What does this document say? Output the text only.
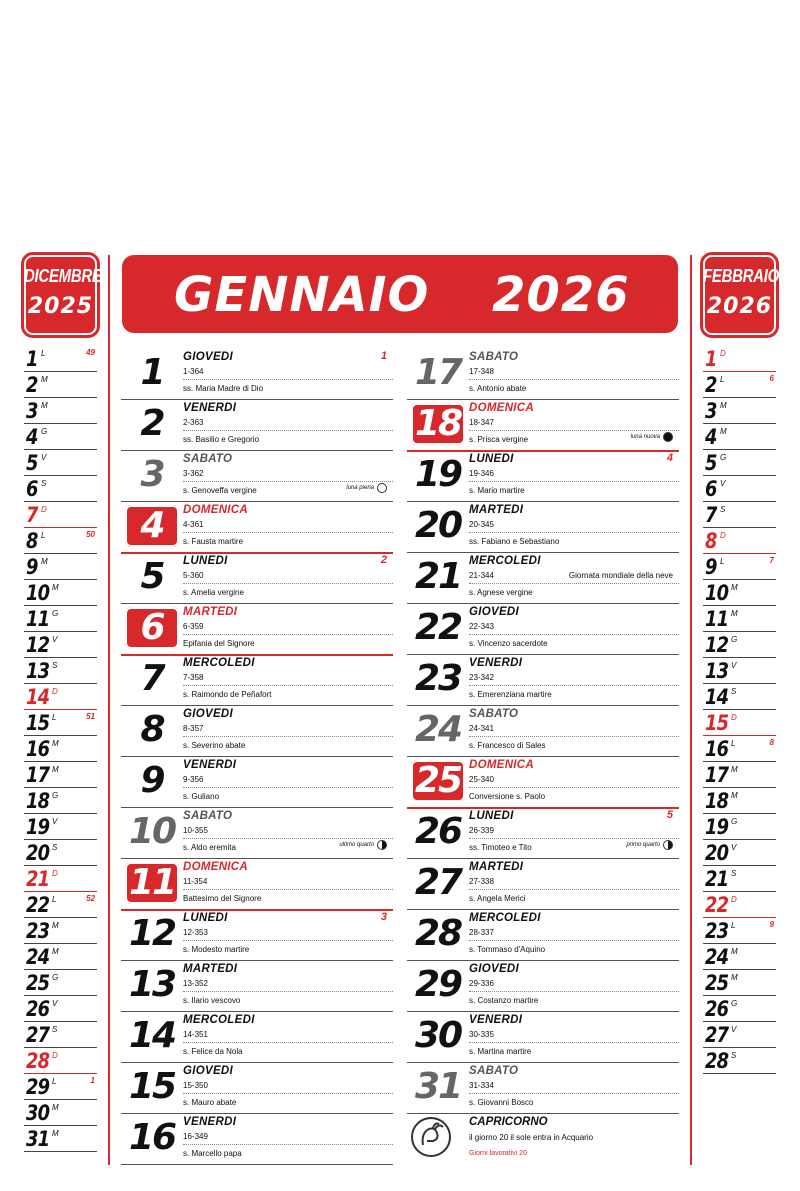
DICEMBRE
2025
FEBBRAIO
2026
GENNAIO 2026
1 L	49
2 M
3 M
4 G
5 V
6 S
7 D
8 L	50
9 M
10 M
11 G
12 V
13 S
14 D
15 L	51
16 M
17 M
18 G
19 V
20 S
21 D
22 L	52
23 M
24 M
25 G
26 V
27 S
28 D
29 L	1
30 M
31 M
1 D
2 L	6
3 M
4 M
5 G
6 V
7 S
8 D
9 L	7
10 M
11 M
12 G
13 V
14 S
15 D
16 L	8
17 M
18 M
19 G
20 V
21 S
22 D
23 L	9
24 M
25 M
26 G
27 V
28 S
1	GIOVEDI	1
1-364
ss. Maria Madre di Dio
2	VENERDI
2-363
ss. Basilio e Gregorio
3	SABATO
3-362
s. Genoveffa vergine	luna piena
4	DOMENICA
4-361
s. Fausta martire
5	LUNEDI	2
5-360
s. Amelia vergine
6	MARTEDI
6-359
Epifania del Signore
7	MERCOLEDI
7-358
s. Raimondo de Peñafort
8	GIOVEDI
8-357
s. Severino abate
9	VENERDI
9-356
s. Guliano
10 SABATO
10-355
s. Aldo eremita	ultimo quarto
11 DOMENICA
11-354
Battesimo del Signore
12 LUNEDI	3
12-353
s. Modesto martire
13 MARTEDI
13-352
s. Ilario vescovo
14 MERCOLEDI
14-351
s. Felice da Nola
15 GIOVEDI
15-350
s. Mauro abate
16 VENERDI
16-349
s. Marcello papa
17 SABATO
17-348
s. Antonio abate
18 DOMENICA
18-347
s. Prisca vergine	luna nuova
19 LUNEDI	4
19-346
s. Mario martire
20 MARTEDI
20-345
ss. Fabiano e Sebastiano
21 MERCOLEDI
21-344
s. Agnese vergine
Giornata mondiale della neve
22 GIOVEDI
22-343
s. Vincenzo sacerdote
23 VENERDI
23-342
s. Emerenziana martire
24 SABATO
24-341
s. Francesco di Sales
25 DOMENICA
25-340
Conversione s. Paolo
26 LUNEDI	5
26-339
ss. Timoteo e Tito	primo quarto
27 MARTEDI
27-338
s. Angela Merici
28 MERCOLEDI
28-337
s. Tommaso d'Aquino
29 GIOVEDI
29-336
s. Costanzo martire
30 VENERDI
30-335
s. Martina martire
31 SABATO
31-334
s. Giovanni Bosco
CAPRICORNO
il giorno 20 il sole entra in Acquario
Giorni lavorativi 20
